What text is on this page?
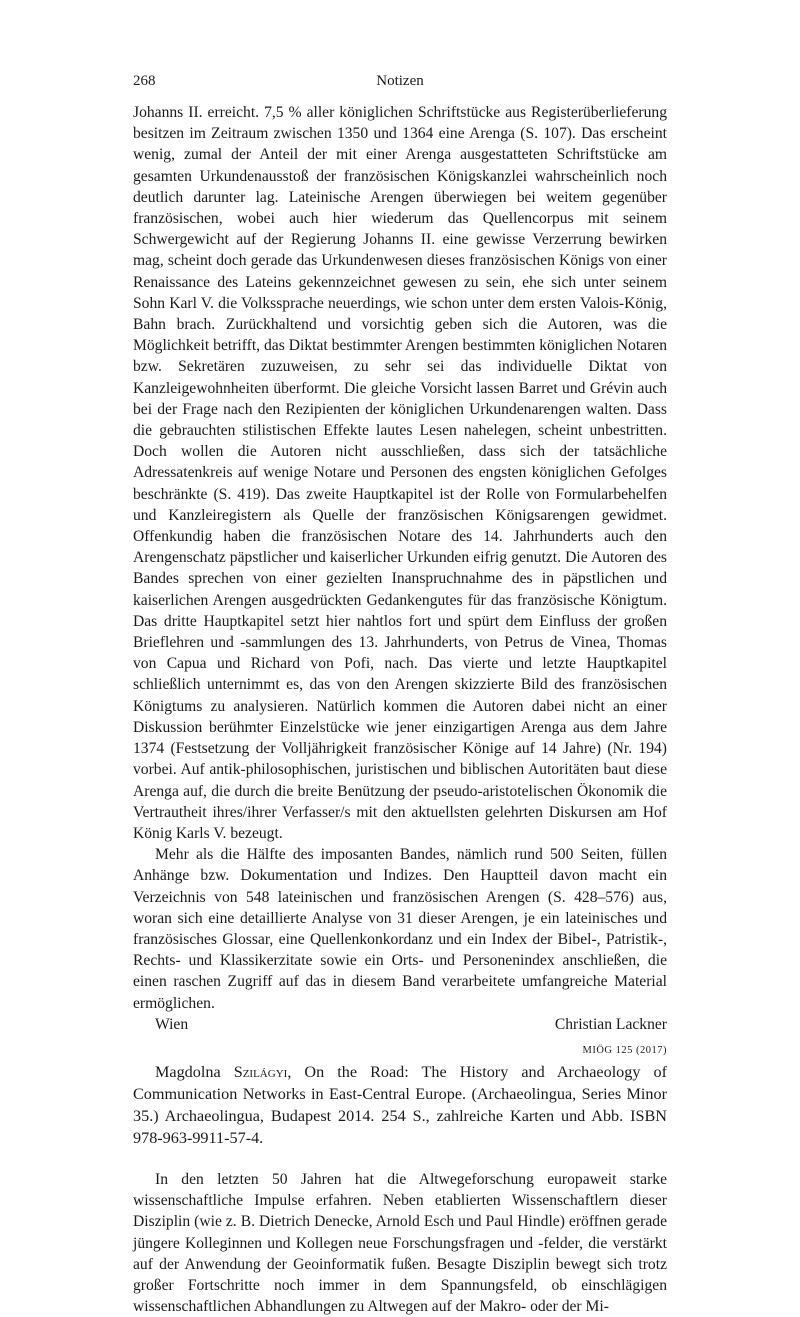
268	Notizen

Johanns II. erreicht. 7,5 % aller königlichen Schriftstücke aus Registerüberlieferung besitzen im Zeitraum zwischen 1350 und 1364 eine Arenga (S. 107). Das erscheint wenig, zumal der Anteil der mit einer Arenga ausgestatteten Schriftstücke am gesamten Urkundenausstoß der französischen Königskanzlei wahrscheinlich noch deutlich darunter lag. Lateinische Arengen überwiegen bei weitem gegenüber französischen, wobei auch hier wiederum das Quellencorpus mit seinem Schwergewicht auf der Regierung Johanns II. eine gewisse Verzerrung bewirken mag, scheint doch gerade das Urkundenwesen dieses französischen Königs von einer Renaissance des Lateins gekennzeichnet gewesen zu sein, ehe sich unter seinem Sohn Karl V. die Volkssprache neuerdings, wie schon unter dem ersten Valois-König, Bahn brach. Zurückhaltend und vorsichtig geben sich die Autoren, was die Möglichkeit betrifft, das Diktat bestimmter Arengen bestimmten königlichen Notaren bzw. Sekretären zuzuweisen, zu sehr sei das individuelle Diktat von Kanzleigewohnheiten überformt. Die gleiche Vorsicht lassen Barret und Grévin auch bei der Frage nach den Rezipienten der königlichen Urkundenarengen walten. Dass die gebrauchten stilistischen Effekte lautes Lesen nahelegen, scheint unbestritten. Doch wollen die Autoren nicht ausschließen, dass sich der tatsächliche Adressatenkreis auf wenige Notare und Personen des engsten königlichen Gefolges beschränkte (S. 419). Das zweite Hauptkapitel ist der Rolle von Formularbehelfen und Kanzleiregistern als Quelle der französischen Königsarengen gewidmet. Offenkundig haben die französischen Notare des 14. Jahrhunderts auch den Arengenschatz päpstlicher und kaiserlicher Urkunden eifrig genutzt. Die Autoren des Bandes sprechen von einer gezielten Inanspruchnahme des in päpstlichen und kaiserlichen Arengen ausgedrückten Gedankengutes für das französische Königtum. Das dritte Hauptkapitel setzt hier nahtlos fort und spürt dem Einfluss der großen Brieflehren und -sammlungen des 13. Jahrhunderts, von Petrus de Vinea, Thomas von Capua und Richard von Pofi, nach. Das vierte und letzte Hauptkapitel schließlich unternimmt es, das von den Arengen skizzierte Bild des französischen Königtums zu analysieren. Natürlich kommen die Autoren dabei nicht an einer Diskussion berühmter Einzelstücke wie jener einzigartigen Arenga aus dem Jahre 1374 (Festsetzung der Volljährigkeit französischer Könige auf 14 Jahre) (Nr. 194) vorbei. Auf antik-philosophischen, juristischen und biblischen Autoritäten baut diese Arenga auf, die durch die breite Benützung der pseudo-aristotelischen Ökonomik die Vertrautheit ihres/ihrer Verfasser/s mit den aktuellsten gelehrten Diskursen am Hof König Karls V. bezeugt.

Mehr als die Hälfte des imposanten Bandes, nämlich rund 500 Seiten, füllen Anhänge bzw. Dokumentation und Indizes. Den Hauptteil davon macht ein Verzeichnis von 548 lateinischen und französischen Arengen (S. 428–576) aus, woran sich eine detaillierte Analyse von 31 dieser Arengen, je ein lateinisches und französisches Glossar, eine Quellenkonkordanz und ein Index der Bibel-, Patristik-, Rechts- und Klassikerzitate sowie ein Orts- und Personenindex anschließen, die einen raschen Zugriff auf das in diesem Band verarbeitete umfangreiche Material ermöglichen.

Wien	Christian Lackner

Magdolna Szilágyi, On the Road: The History and Archaeology of Communication Networks in East-Central Europe. (Archaeolingua, Series Minor 35.) Archaeolingua, Budapest 2014. 254 S., zahlreiche Karten und Abb. ISBN 978-963-9911-57-4.

In den letzten 50 Jahren hat die Altwegeforschung europaweit starke wissenschaftliche Impulse erfahren. Neben etablierten Wissenschaftlern dieser Disziplin (wie z. B. Dietrich Denecke, Arnold Esch und Paul Hindle) eröffnen gerade jüngere Kolleginnen und Kollegen neue Forschungsfragen und -felder, die verstärkt auf der Anwendung der Geoinformatik fußen. Besagte Disziplin bewegt sich trotz großer Fortschritte noch immer in dem Spannungsfeld, ob einschlägigen wissenschaftlichen Abhandlungen zu Altwegen auf der Makro- oder der Mi-

MIÖG 125 (2017)
